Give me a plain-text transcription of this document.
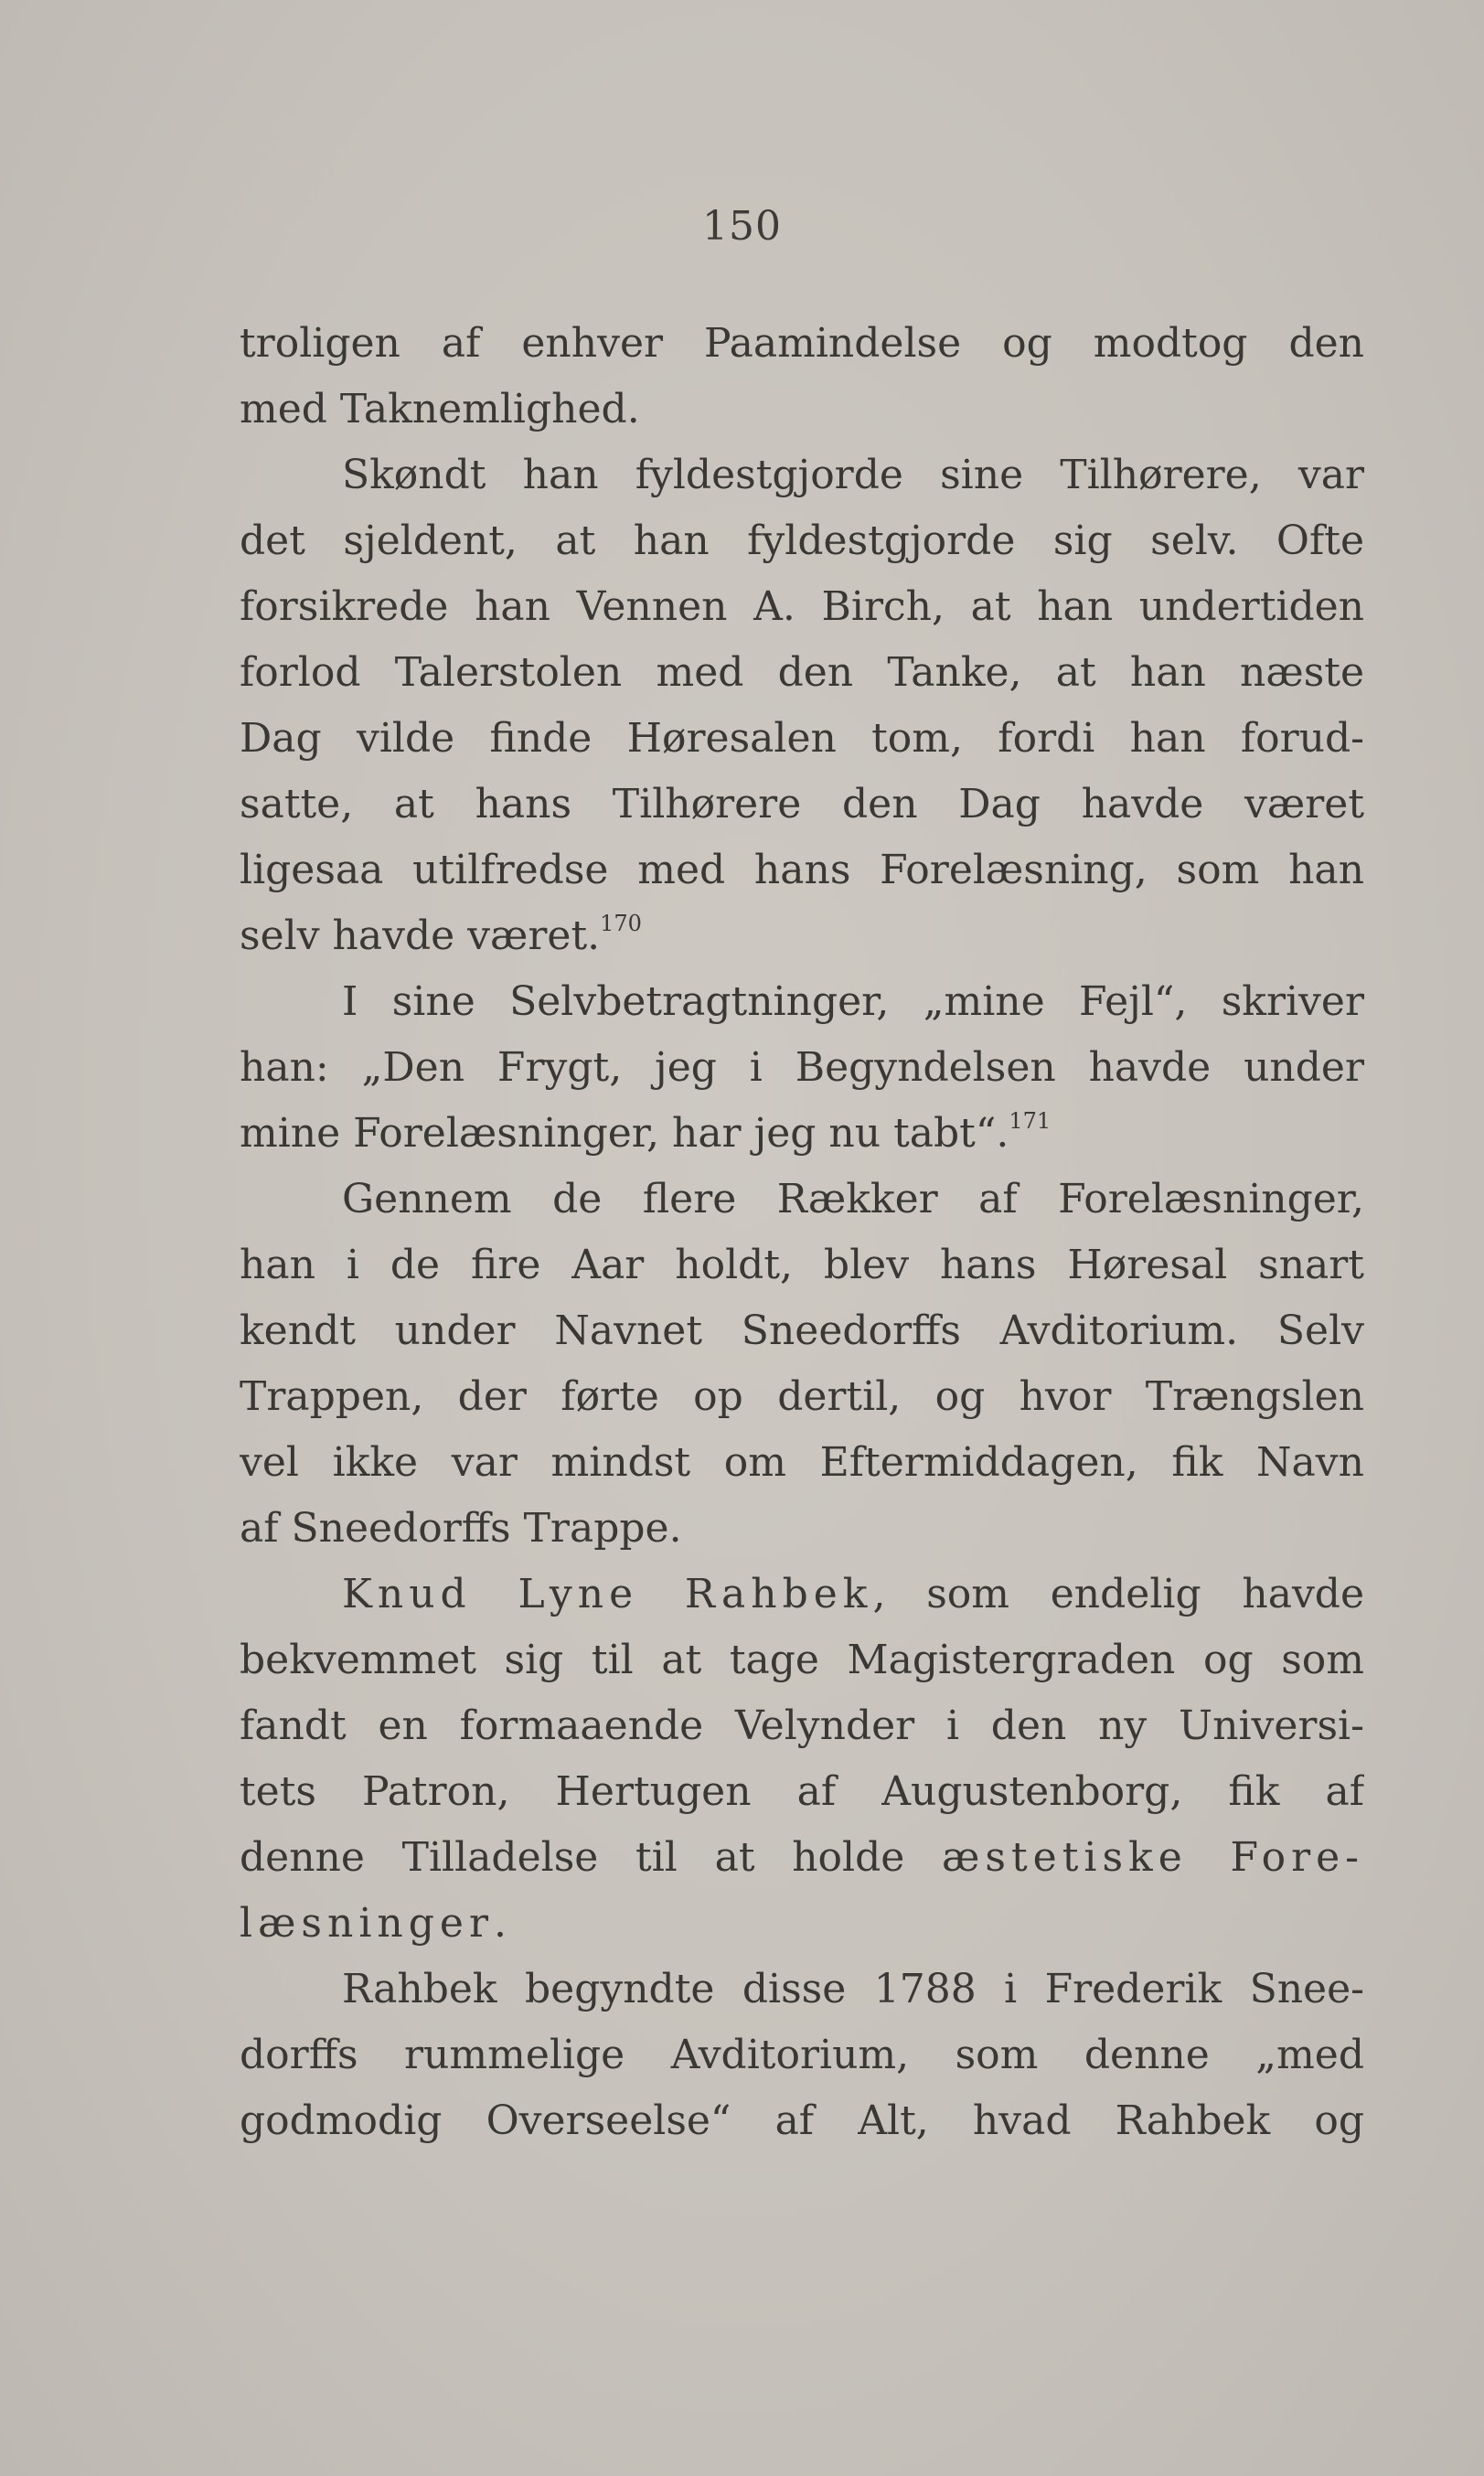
150
troligen af enhver Paamindelse og modtog den
med Taknemlighed.
Skøndt han fyldestgjorde sine Tilhørere, var
det sjeldent, at han fyldestgjorde sig selv. Ofte
forsikrede han Vennen A. Birch, at han undertiden
forlod Talerstolen med den Tanke, at han næste
Dag vilde finde Høresalen tom, fordi han forud-
satte, at hans Tilhørere den Dag havde været
ligesaa utilfredse med hans Forelæsning, som han
selv havde været.$^{170}$
I sine Selvbetragtninger, „mine Fejl“, skriver
han: „Den Frygt, jeg i Begyndelsen havde under
mine Forelæsninger, har jeg nu tabt“.$^{171}$
Gennem de flere Rækker af Forelæsninger,
han i de fire Aar holdt, blev hans Høresal snart
kendt under Navnet Sneedorffs Avditorium. Selv
Trappen, der førte op dertil, og hvor Trængslen
vel ikke var mindst om Eftermiddagen, fik Navn
af Sneedorffs Trappe.
Knud Lyne Rahbek, som endelig havde
bekvemmet sig til at tage Magistergraden og som
fandt en formaaende Velynder i den ny Universi-
tets Patron, Hertugen af Augustenborg, fik af
denne Tilladelse til at holde æstetiske Fore-
læsninger.
Rahbek begyndte disse 1788 i Frederik Snee-
dorffs rummelige Avditorium, som denne „med
godmodig Overseelse“ af Alt, hvad Rahbek og
